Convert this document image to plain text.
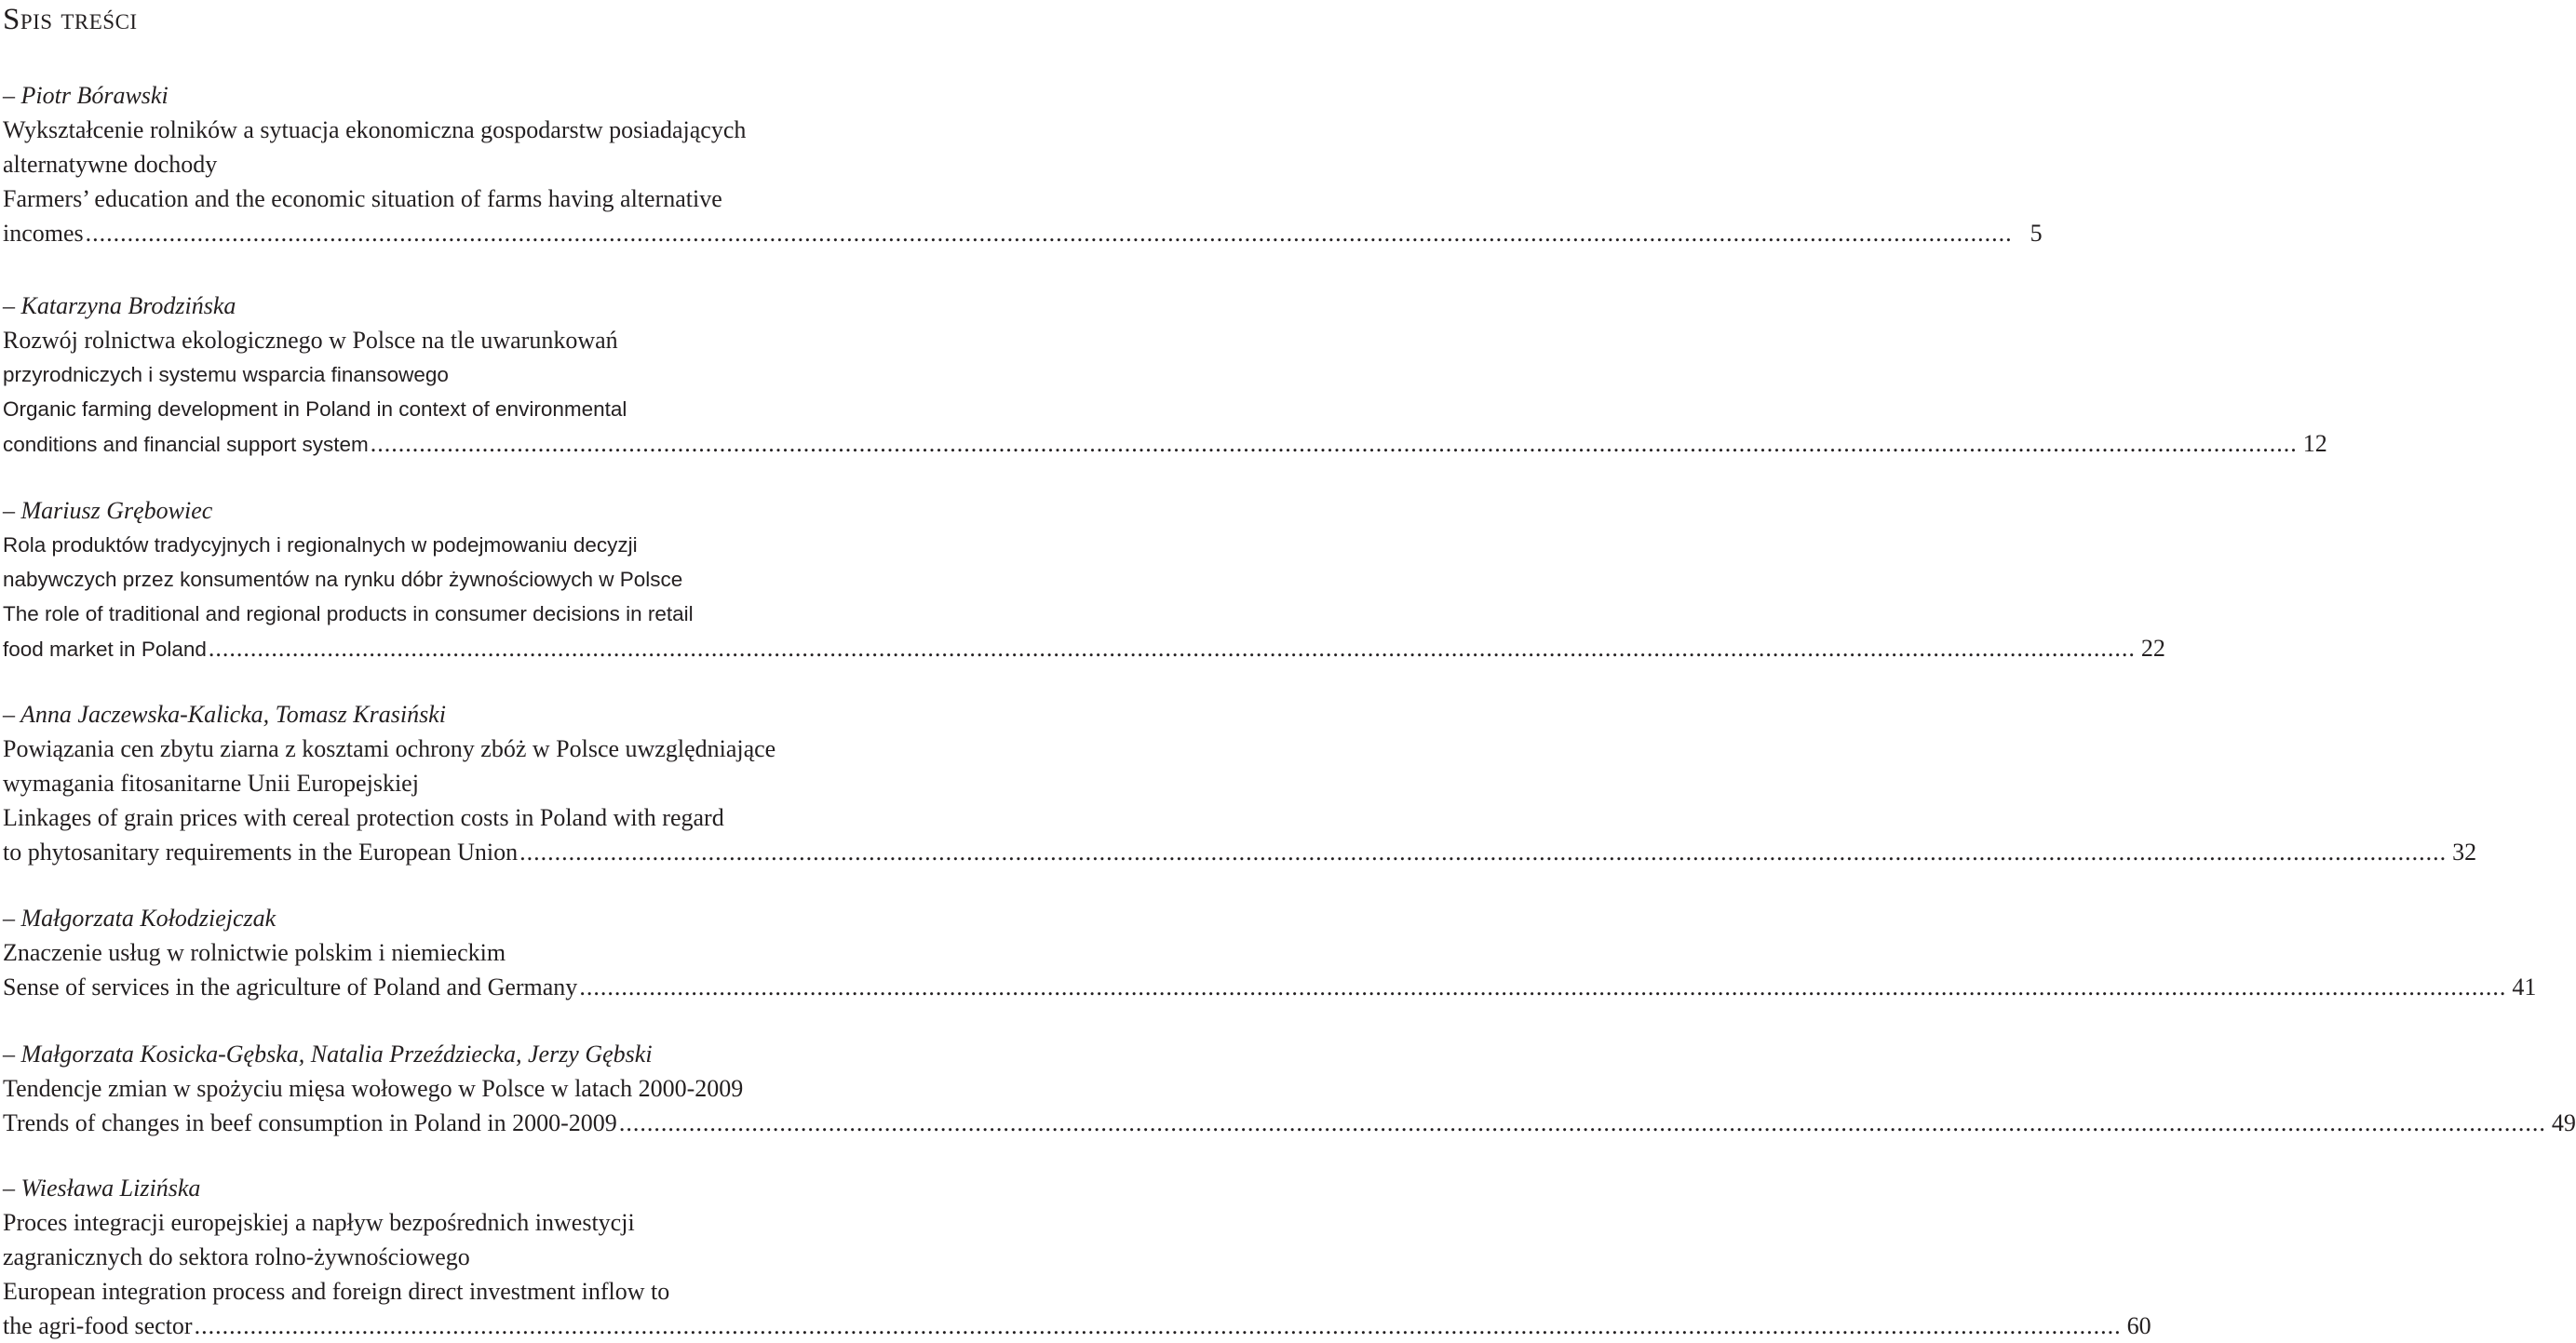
Spis treści
– Piotr Bórawski
Wykształcenie rolników a sytuacja ekonomiczna gospodarstw posiadających
alternatywne dochody
Farmers’ education and the economic situation of farms having alternative
incomes .................................................................................................................................................................................................................................................................................... 5
– Katarzyna Brodzińska
Rozwój rolnictwa ekologicznego w Polsce na tle uwarunkowań
przyrodniczych i systemu wsparcia finansowego
Organic farming development in Poland in context of environmental
conditions and financial support system .................................................................................................................................................................................................................................................................................... 12
– Mariusz Grębowiec
Rola produktów tradycyjnych i regionalnych w podejmowaniu decyzji
nabywczych przez konsumentów na rynku dóbr żywnościowych w Polsce
The role of traditional and regional products in consumer decisions in retail
food market in Poland .................................................................................................................................................................................................................................................................................... 22
– Anna Jaczewska-Kalicka, Tomasz Krasiński
Powiązania cen zbytu ziarna z kosztami ochrony zbóż w Polsce uwzględniające
wymagania fitosanitarne Unii Europejskiej
Linkages of grain prices with cereal protection costs in Poland with regard
to phytosanitary requirements in the European Union .................................................................................................................................................................................................................................................................................... 32
– Małgorzata Kołodziejczak
Znaczenie usług w rolnictwie polskim i niemieckim
Sense of services in the agriculture of Poland and Germany .................................................................................................................................................................................................................................................................................... 41
– Małgorzata Kosicka-Gębska, Natalia Przeździecka, Jerzy Gębski
Tendencje zmian w spożyciu mięsa wołowego w Polsce w latach 2000-2009
Trends of changes in beef consumption in Poland in 2000-2009 .................................................................................................................................................................................................................................................................................... 49
– Wiesława Lizińska
Proces integracji europejskiej a napływ bezpośrednich inwestycji
zagranicznych do sektora rolno-żywnościowego
European integration process and foreign direct investment inflow to
the agri-food sector .................................................................................................................................................................................................................................................................................... 60
